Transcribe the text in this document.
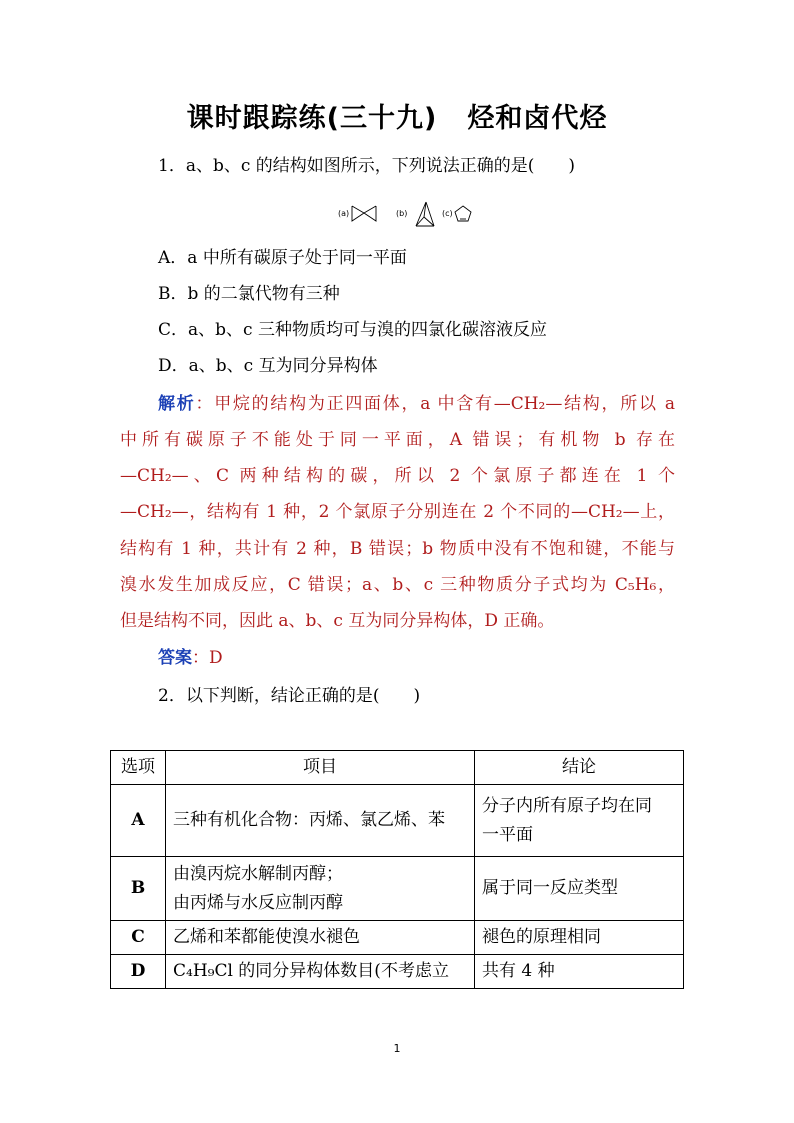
课时跟踪练(三十九) 烃和卤代烃
1．a、b、c 的结构如图所示，下列说法正确的是(　　)
(a)	(b)	(c)
A．a 中所有碳原子处于同一平面
B．b 的二氯代物有三种
C．a、b、c 三种物质均可与溴的四氯化碳溶液反应
D．a、b、c 互为同分异构体
解析：甲烷的结构为正四面体，a 中含有—CH₂—结构，所以 a
中所有碳原子不能处于同一平面，A 错误；有机物 b 存在
—CH₂—、C 两种结构的碳，所以 2 个氯原子都连在 1 个
—CH₂—，结构有 1 种，2 个氯原子分别连在 2 个不同的—CH₂—上，
结构有 1 种，共计有 2 种，B 错误；b 物质中没有不饱和键，不能与
溴水发生加成反应，C 错误；a、b、c 三种物质分子式均为 C₅H₆，
但是结构不同，因此 a、b、c 互为同分异构体，D 正确。
答案：D
2．以下判断，结论正确的是(　　)
选项	项目	结论
A	三种有机化合物：丙烯、氯乙烯、苯	分子内所有原子均在同
一平面

B	由溴丙烷水解制丙醇；
由丙烯与水反应制丙醇	属于同一反应类型
C	乙烯和苯都能使溴水褪色	褪色的原理相同
D	C₄H₉Cl 的同分异构体数目(不考虑立	共有 4 种
1
